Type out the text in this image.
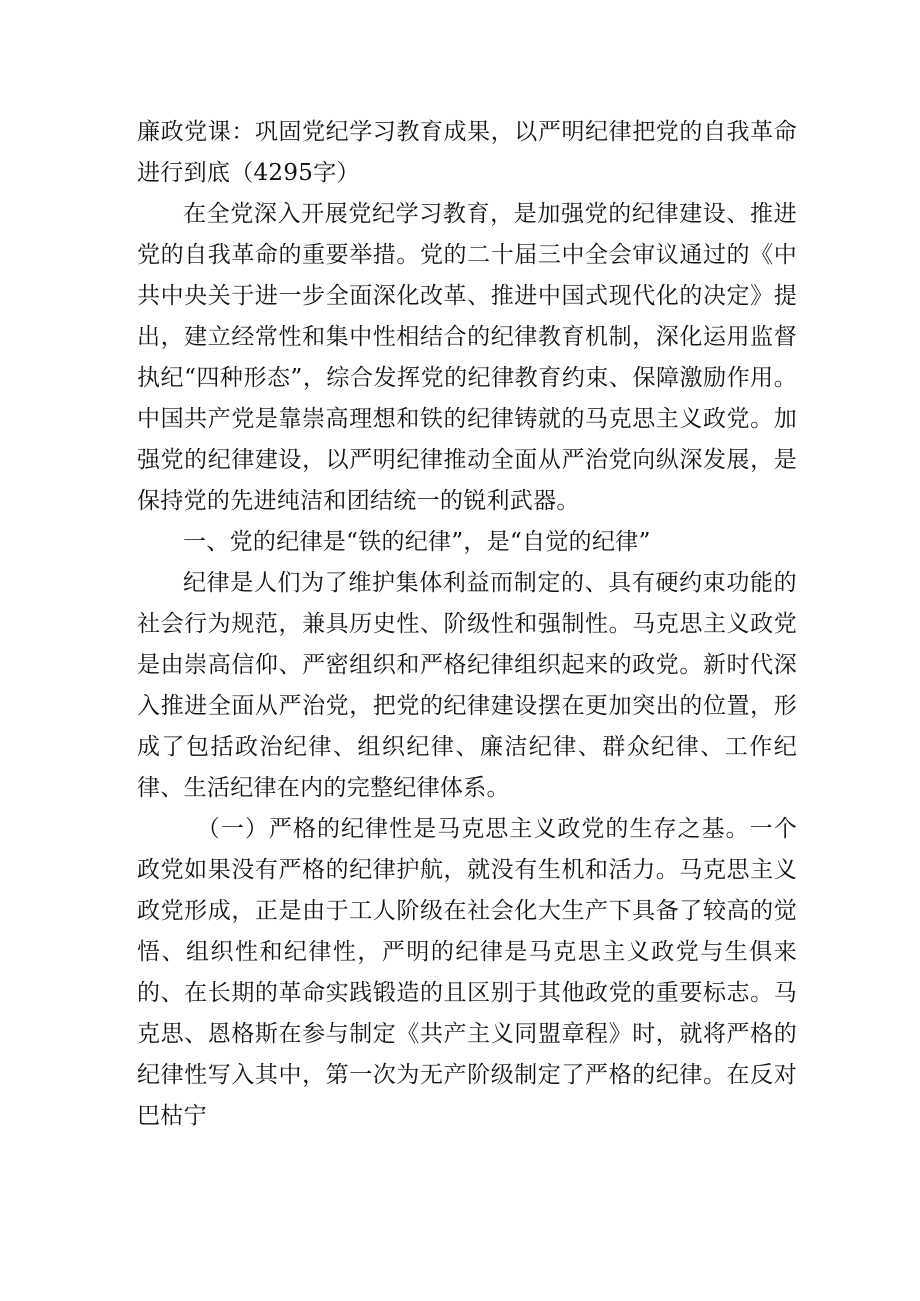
廉政党课：巩固党纪学习教育成果，以严明纪律把党的自我革命进行到底（4295字）

在全党深入开展党纪学习教育，是加强党的纪律建设、推进党的自我革命的重要举措。党的二十届三中全会审议通过的《中共中央关于进一步全面深化改革、推进中国式现代化的决定》提出，建立经常性和集中性相结合的纪律教育机制，深化运用监督执纪“四种形态”，综合发挥党的纪律教育约束、保障激励作用。中国共产党是靠崇高理想和铁的纪律铸就的马克思主义政党。加强党的纪律建设，以严明纪律推动全面从严治党向纵深发展，是保持党的先进纯洁和团结统一的锐利武器。

一、党的纪律是“铁的纪律”，是“自觉的纪律”

纪律是人们为了维护集体利益而制定的、具有硬约束功能的社会行为规范，兼具历史性、阶级性和强制性。马克思主义政党是由崇高信仰、严密组织和严格纪律组织起来的政党。新时代深入推进全面从严治党，把党的纪律建设摆在更加突出的位置，形成了包括政治纪律、组织纪律、廉洁纪律、群众纪律、工作纪律、生活纪律在内的完整纪律体系。

（一）严格的纪律性是马克思主义政党的生存之基。一个政党如果没有严格的纪律护航，就没有生机和活力。马克思主义政党形成，正是由于工人阶级在社会化大生产下具备了较高的觉悟、组织性和纪律性，严明的纪律是马克思主义政党与生俱来的、在长期的革命实践锻造的且区别于其他政党的重要标志。马克思、恩格斯在参与制定《共产主义同盟章程》时，就将严格的纪律性写入其中，第一次为无产阶级制定了严格的纪律。在反对巴枯宁
